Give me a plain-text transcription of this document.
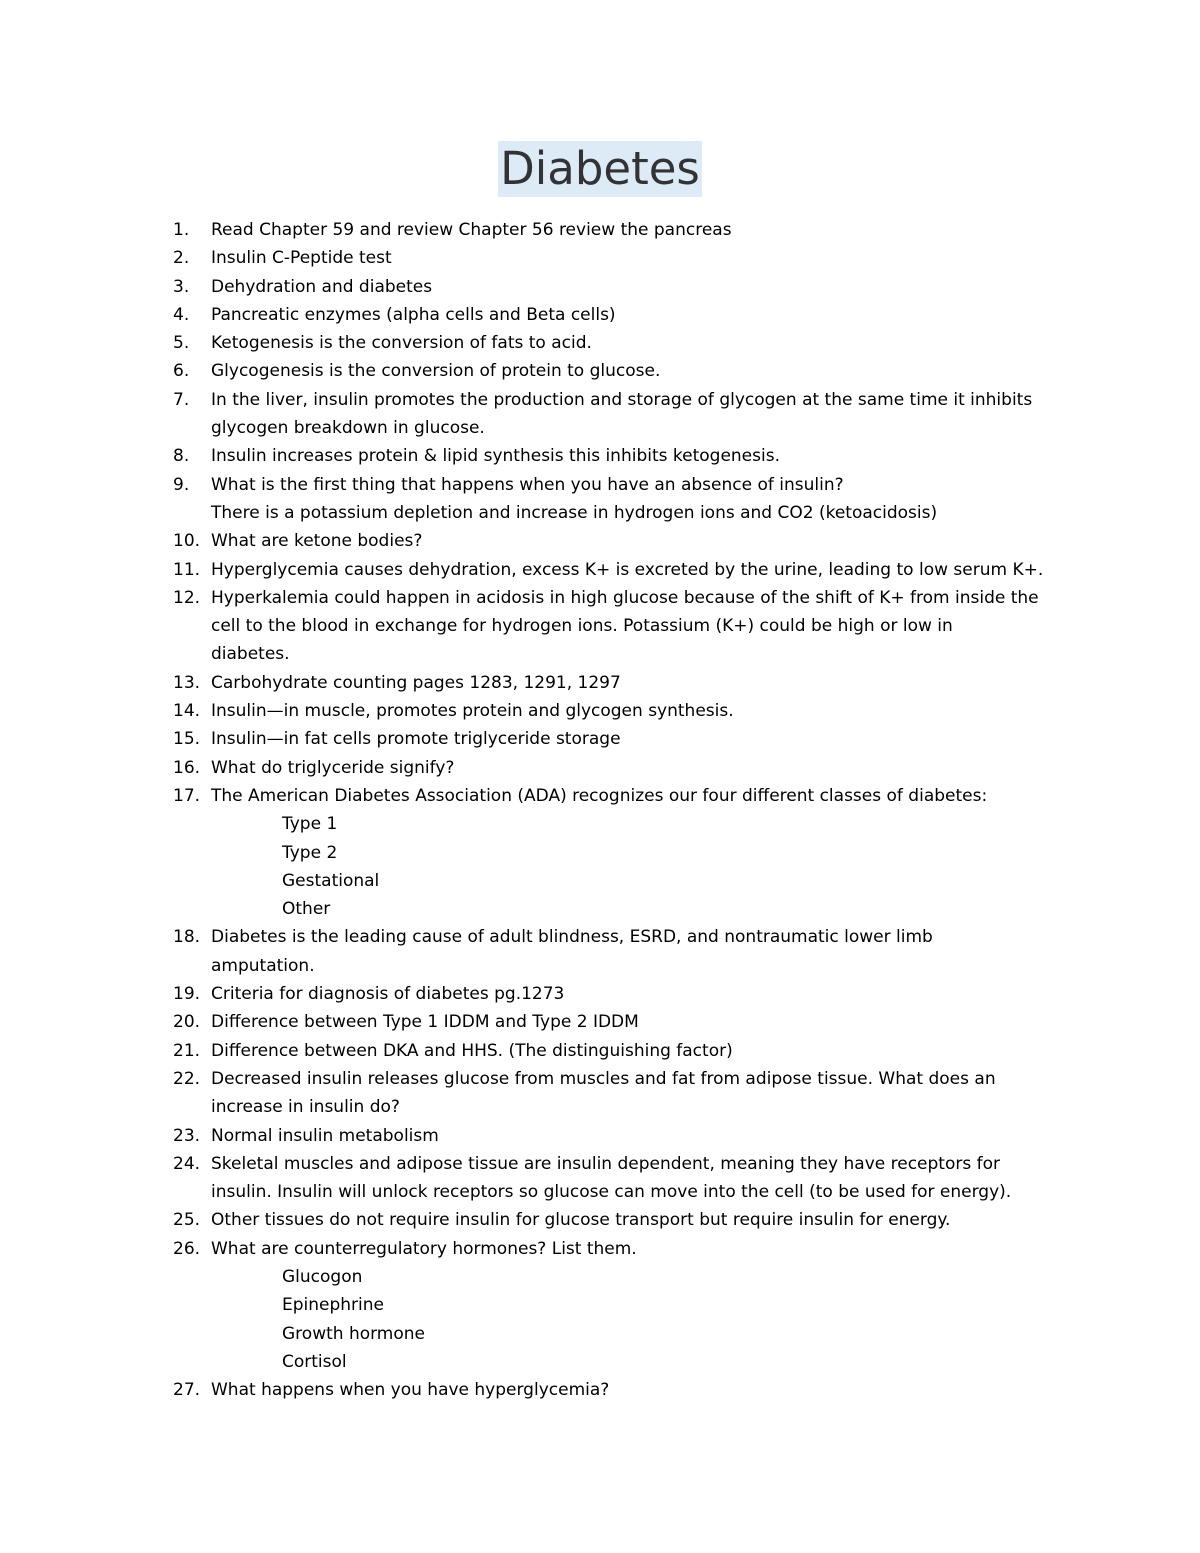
Diabetes
1.	Read Chapter 59 and review Chapter 56 review the pancreas
2.	Insulin C-Peptide test
3.	Dehydration and diabetes
4.	Pancreatic enzymes (alpha cells and Beta cells)
5.	Ketogenesis is the conversion of fats to acid.
6.	Glycogenesis is the conversion of protein to glucose.
7.	In the liver, insulin promotes the production and storage of glycogen at the same time it inhibits
glycogen breakdown in glucose.
8.	Insulin increases protein & lipid synthesis this inhibits ketogenesis.
9.	What is the first thing that happens when you have an absence of insulin?
There is a potassium depletion and increase in hydrogen ions and CO2 (ketoacidosis)
10. What are ketone bodies?
11. Hyperglycemia causes dehydration, excess K+ is excreted by the urine, leading to low serum K+.
12. Hyperkalemia could happen in acidosis in high glucose because of the shift of K+ from inside the
cell to the blood in exchange for hydrogen ions. Potassium (K+) could be high or low in
diabetes.
13. Carbohydrate counting pages 1283, 1291, 1297
14. Insulin—in muscle, promotes protein and glycogen synthesis.
15. Insulin—in fat cells promote triglyceride storage
16. What do triglyceride signify?
17. The American Diabetes Association (ADA) recognizes our four different classes of diabetes:
Type 1
Type 2
Gestational
Other
18. Diabetes is the leading cause of adult blindness, ESRD, and nontraumatic lower limb
amputation.
19. Criteria for diagnosis of diabetes pg.1273
20. Difference between Type 1 IDDM and Type 2 IDDM
21. Difference between DKA and HHS. (The distinguishing factor)
22. Decreased insulin releases glucose from muscles and fat from adipose tissue. What does an
increase in insulin do?
23. Normal insulin metabolism
24. Skeletal muscles and adipose tissue are insulin dependent, meaning they have receptors for
insulin. Insulin will unlock receptors so glucose can move into the cell (to be used for energy).
25. Other tissues do not require insulin for glucose transport but require insulin for energy.
26. What are counterregulatory hormones? List them.
Glucogon
Epinephrine
Growth hormone
Cortisol
27. What happens when you have hyperglycemia?
